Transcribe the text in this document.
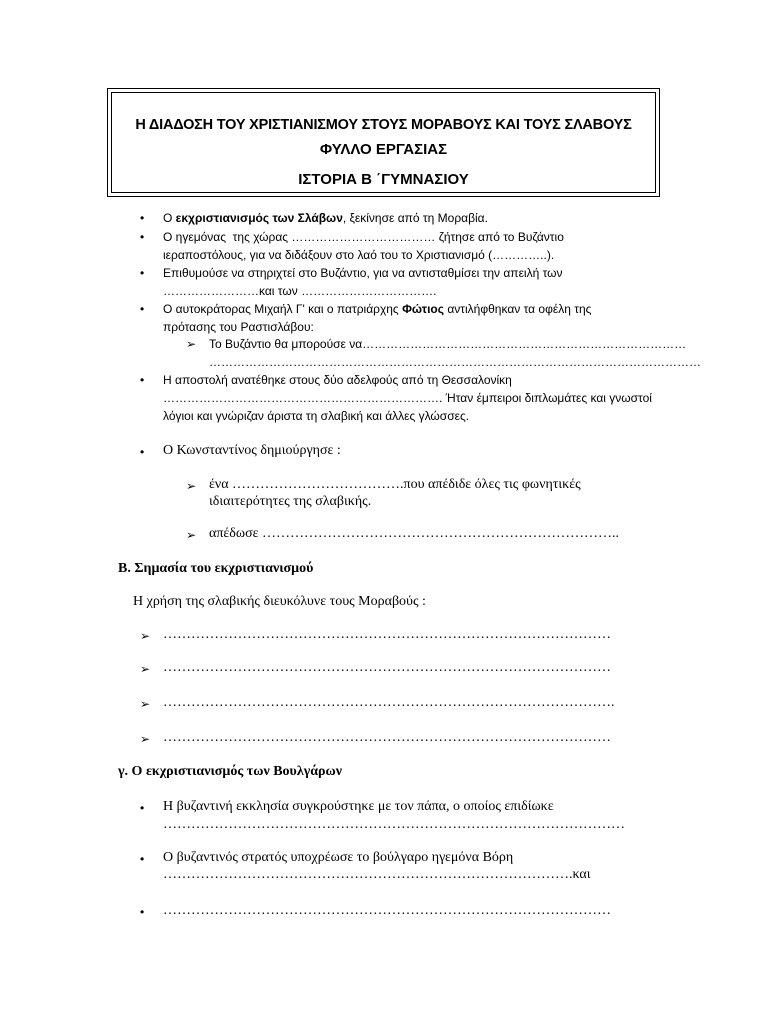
Η ΔΙΑΔΟΣΗ ΤΟΥ ΧΡΙΣΤΙΑΝΙΣΜΟΥ ΣΤΟΥΣ ΜΟΡΑΒΟΥΣ ΚΑΙ ΤΟΥΣ ΣΛΑΒΟΥΣ
ΦΥΛΛΟ ΕΡΓΑΣΙΑΣ
ΙΣΤΟΡΙΑ Β ΄ΓΥΜΝΑΣΙΟΥ
• Ο εκχριστιανισμός των Σλάβων, ξεκίνησε από τη Μοραβία.
• Ο ηγεμόνας  της χώρας ……………………………… ζήτησε από το Βυζάντιο
ιεραποστόλους, για να διδάξουν στο λαό του το Χριστιανισμό (…………..).
• Επιθυμούσε να στηριχτεί στο Βυζάντιο, για να αντισταθμίσει την απειλή των
……………………και των …………………………….
• Ο αυτοκράτορας Μιχαήλ Γ' και ο πατριάρχης Φώτιος αντιλήφθηκαν τα οφέλη της
πρότασης του Ραστισλάβου:
➢ Το Βυζάντιο θα μπορούσε να………………………………………………………………………
……………………………………………………………………………………………………………
• Η αποστολή ανατέθηκε στους δύο αδελφούς από τη Θεσσαλονίκη
……………………………………………………………. Ήταν έμπειροι διπλωμάτες και γνωστοί
λόγιοι και γνώριζαν άριστα τη σλαβική και άλλες γλώσσες.
• Ο Κωνσταντίνος δημιούργησε :
➢ ένα ……………………………….που απέδιδε όλες τις φωνητικές
ιδιαιτερότητες της σλαβικής.
➢ απέδωσε …………………………………………………………………..
Β. Σημασία του εκχριστιανισμού
Η χρήση της σλαβικής διευκόλυνε τους Μοραβούς :
➢ ……………………………………………………………………………………
➢ ……………………………………………………………………………………
➢ …………………………………………………………………………………….
➢ ……………………………………………………………………………………
γ. Ο εκχριστιανισμός των Βουλγάρων
• Η βυζαντινή εκκλησία συγκρούστηκε με τον πάπα, ο οποίος επιδίωκε
………………………………………………………………………………………
• Ο βυζαντινός στρατός υποχρέωσε το βούλγαρο ηγεμόνα Βόρη
…………………………………………………………………………….και
• ……………………………………………………………………………………
